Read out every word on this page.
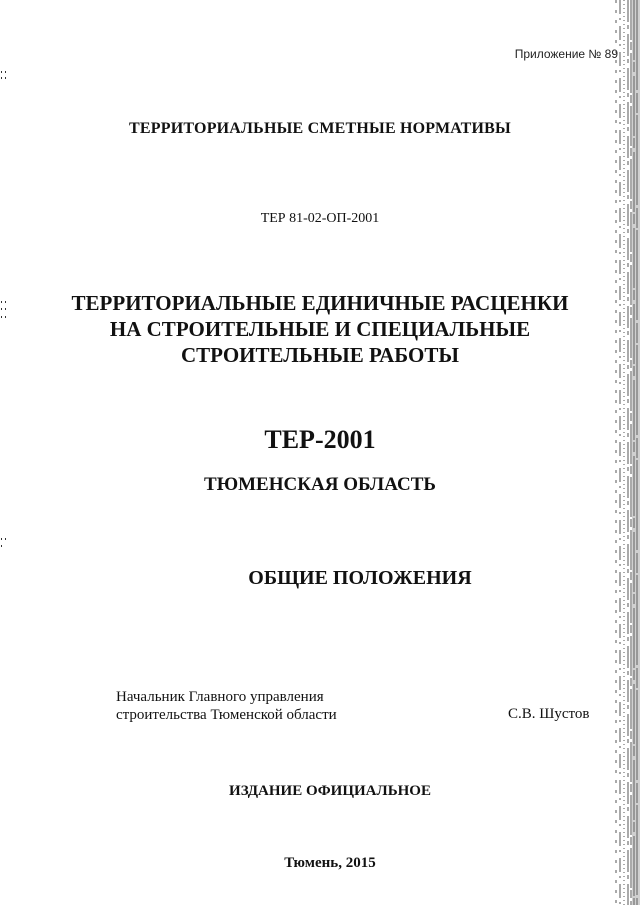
Приложение № 89
ТЕРРИТОРИАЛЬНЫЕ СМЕТНЫЕ НОРМАТИВЫ
ТЕР 81-02-ОП-2001
ТЕРРИТОРИАЛЬНЫЕ ЕДИНИЧНЫЕ РАСЦЕНКИ
НА СТРОИТЕЛЬНЫЕ И СПЕЦИАЛЬНЫЕ
СТРОИТЕЛЬНЫЕ РАБОТЫ
ТЕР-2001
ТЮМЕНСКАЯ ОБЛАСТЬ
ОБЩИЕ ПОЛОЖЕНИЯ
Начальник Главного управления
строительства Тюменской области	С.В. Шустов
ИЗДАНИЕ ОФИЦИАЛЬНОЕ
Тюмень, 2015
